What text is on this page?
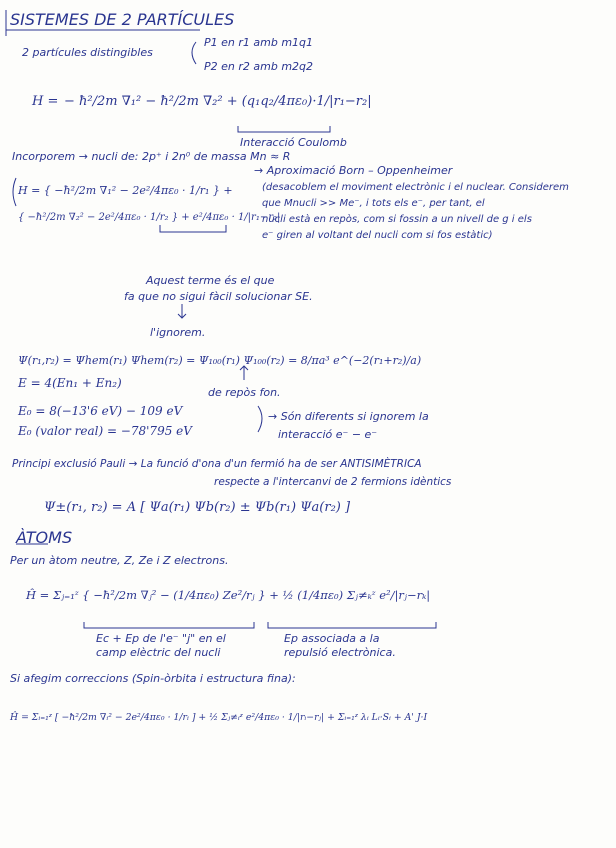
SISTEMES DE 2 PARTÍCULES
2 partícules distingibles
P1 en r1 amb m1q1
P2 en r2 amb m2q2
H = − ħ²/2m ∇₁² − ħ²/2m ∇₂² + (q₁q₂/4πε₀)·1/|r₁−r₂|
Interacció Coulomb
Incorporem → nucli de: 2p⁺ i 2n⁰ de massa Mn ≈ R
→ Aproximació Born – Oppenheimer
(desacoblem el moviment electrònic i el nuclear. Considerem
que Mnucli >> Me⁻, i tots els e⁻, per tant, el
nucli està en repòs, com si fossin a un nivell de g i els
e⁻ giren al voltant del nucli com si fos estàtic)
H = { −ħ²/2m ∇₁² − 2e²/4πε₀ · 1/r₁ } +
{ −ħ²/2m ∇₂² − 2e²/4πε₀ · 1/r₂ } + e²/4πε₀ · 1/|r₁−r₂|
Aquest terme és el que
fa que no sigui fàcil solucionar SE.
l'ignorem.
Ψ(r₁,r₂) = Ψhem(r₁) Ψhem(r₂) = Ψ₁₀₀(r₁) Ψ₁₀₀(r₂) = 8/πa³ e^(−2(r₁+r₂)/a)
de repòs fon.
E = 4(En₁ + En₂)
E₀ = 8(−13'6 eV) − 109 eV
E₀ (valor real) = −78'795 eV
→ Són diferents si ignorem la
interacció e⁻ − e⁻
Principi exclusió Pauli → La funció d'ona d'un fermió ha de ser ANTISIMÈTRICA
respecte a l'intercanvi de 2 fermions idèntics
Ψ±(r₁, r₂) = A [ Ψa(r₁) Ψb(r₂) ± Ψb(r₁) Ψa(r₂) ]
ÀTOMS
Per un àtom neutre, Z, Ze i Z electrons.
Ĥ = Σⱼ₌₁ᶻ { −ħ²/2m ∇ⱼ² − (1/4πε₀) Ze²/rⱼ } + ½ (1/4πε₀) Σⱼ≠ₖᶻ e²/|rⱼ−rₖ|
Ec + Ep de l'e⁻ "j" en el
camp elèctric del nucli
Ep associada a la
repulsió electrònica.
Si afegim correccions (Spin-òrbita i estructura fina):
Ĥ = Σᵢ₌₁ᶻ [ −ħ²/2m ∇ᵢ² − 2e²/4πε₀ · 1/rᵢ ] + ½ Σⱼ≠ᵢᶻ e²/4πε₀ · 1/|rᵢ−rⱼ| + Σᵢ₌₁ᶻ λᵢ Lᵢ·Sᵢ + A' J·I
